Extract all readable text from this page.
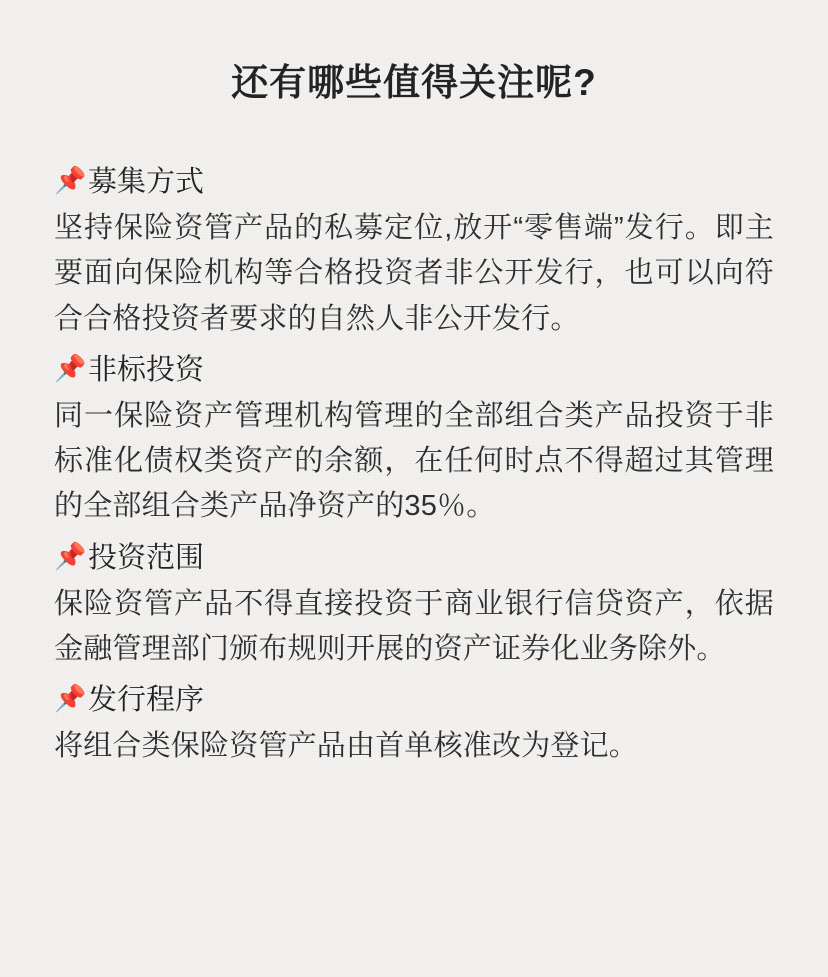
还有哪些值得关注呢?
📌 募集方式

坚持保险资管产品的私募定位,放开“零售端”发行。即主要面向保险机构等合格投资者非公开发行，也可以向符合合格投资者要求的自然人非公开发行。

📌 非标投资

同一保险资产管理机构管理的全部组合类产品投资于非标准化债权类资产的余额，在任何时点不得超过其管理的全部组合类产品净资产的35％。

📌 投资范围

保险资管产品不得直接投资于商业银行信贷资产，依据金融管理部门颁布规则开展的资产证券化业务除外。

📌 发行程序

将组合类保险资管产品由首单核准改为登记。
